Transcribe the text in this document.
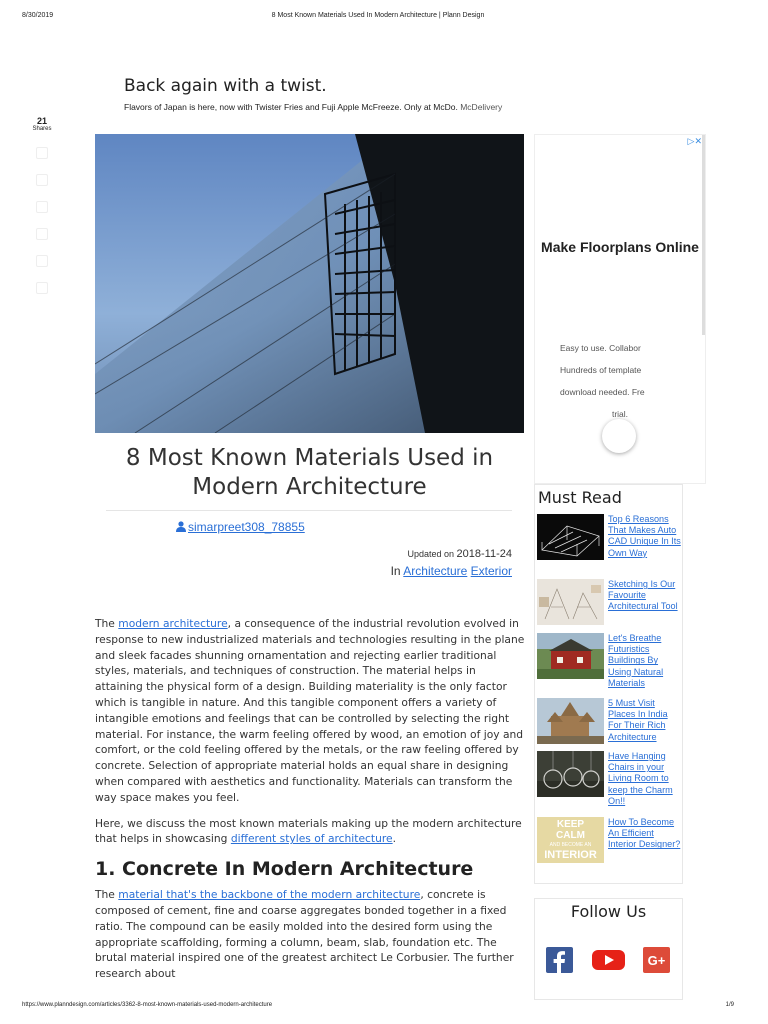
8/30/2019	8 Most Known Materials Used In Modern Architecture | Plann Design
Back again with a twist.
Flavors of Japan is here, now with Twister Fries and Fuji Apple McFreeze. Only at McDo. McDelivery
21
Shares
8 Most Known Materials Used in Modern Architecture
simarpreet308_78855
Updated on 2018-11-24
In Architecture Exterior

The modern architecture, a consequence of the industrial revolution evolved in response to new industrialized materials and technologies resulting in the plane and sleek facades shunning ornamentation and rejecting earlier traditional styles, materials, and techniques of construction. The material helps in attaining the physical form of a design. Building materiality is the only factor which is tangible in nature. And this tangible component offers a variety of intangible emotions and feelings that can be controlled by selecting the right material. For instance, the warm feeling offered by wood, an emotion of joy and comfort, or the cold feeling offered by the metals, or the raw feeling offered by concrete. Selection of appropriate material holds an equal share in designing when compared with aesthetics and functionality. Materials can transform the way space makes you feel.

Here, we discuss the most known materials making up the modern architecture that helps in showcasing different styles of architecture.

1. Concrete In Modern Architecture

The material that's the backbone of the modern architecture, concrete is composed of cement, fine and coarse aggregates bonded together in a fixed ratio. The compound can be easily molded into the desired form using the appropriate scaffolding, forming a column, beam, slab, foundation etc. The brutal material inspired one of the greatest architect Le Corbusier. The further research about

▷✕
Make Floorplans Online
Easy to use. Collabor
Hundreds of template
download needed. Fre
trial.
Must Read
Top 6 Reasons That Makes Auto CAD Unique In Its Own Way
Sketching Is Our Favourite Architectural Tool
Let's Breathe Futuristics Buildings By Using Natural Materials
5 Must Visit Places In India For Their Rich Architecture
Have Hanging Chairs in your Living Room to keep the Charm On!!
KEEP
CALM
AND BECOME AN
INTERIOR
How To Become An Efficient Interior Designer?
Follow Us
G+
https://www.planndesign.com/articles/3362-8-most-known-materials-used-modern-architecture	1/9
